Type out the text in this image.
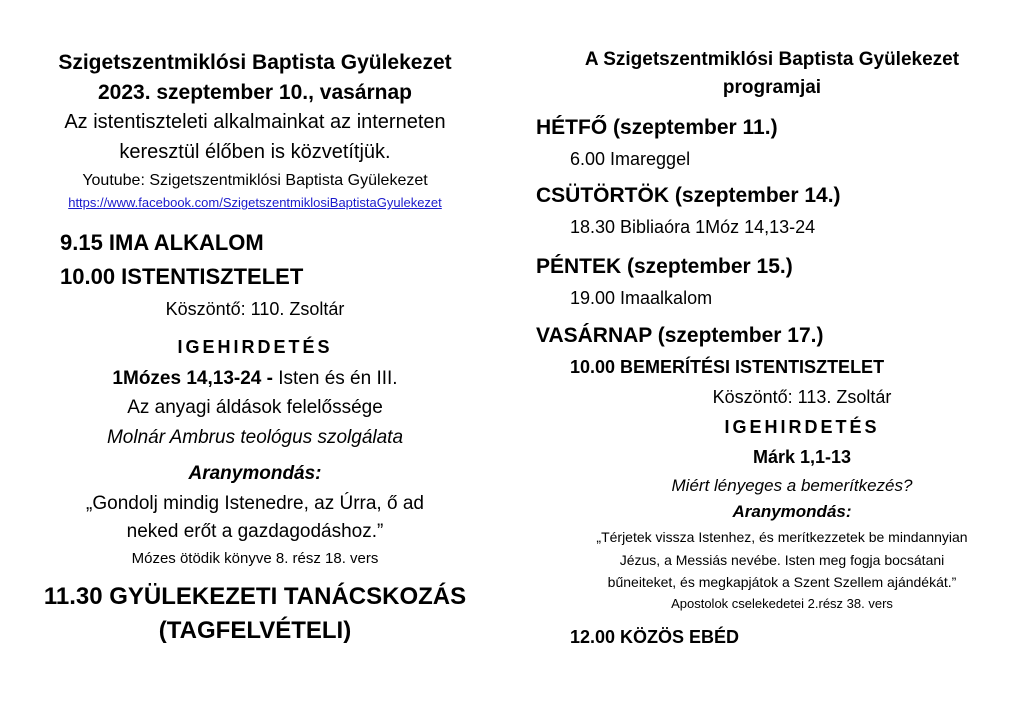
Szigetszentmiklósi Baptista Gyülekezet
2023. szeptember 10., vasárnap
Az istentiszteleti alkalmainkat az interneten
keresztül élőben is közvetítjük.
Youtube: Szigetszentmiklósi Baptista Gyülekezet
https://www.facebook.com/SzigetszentmiklosiBaptistaGyulekezet
9.15 IMA ALKALOM
10.00 ISTENTISZTELET
Köszöntő: 110. Zsoltár
IGEHIRDETÉS
1Mózes 14,13-24 - Isten és én III.
Az anyagi áldások felelőssége
Molnár Ambrus teológus szolgálata
Aranymondás:
„Gondolj mindig Istenedre, az Úrra, ő ad
neked erőt a gazdagodáshoz.”
Mózes ötödik könyve 8. rész 18. vers
11.30 GYÜLEKEZETI TANÁCSKOZÁS
(TAGFELVÉTELI)
A Szigetszentmiklósi Baptista Gyülekezet
programjai
HÉTFŐ (szeptember 11.)
6.00 Imareggel
CSÜTÖRTÖK (szeptember 14.)
18.30 Bibliaóra 1Móz 14,13-24
PÉNTEK (szeptember 15.)
19.00 Imaalkalom
VASÁRNAP (szeptember 17.)
10.00 BEMERÍTÉSI ISTENTISZTELET
Köszöntő: 113. Zsoltár
IGEHIRDETÉS
Márk 1,1-13
Miért lényeges a bemerítkezés?
Aranymondás:
„Térjetek vissza Istenhez, és merítkezzetek be mindannyian
Jézus, a Messiás nevébe. Isten meg fogja bocsátani
bűneiteket, és megkapjátok a Szent Szellem ajándékát.”
Apostolok cselekedetei 2.rész 38. vers
12.00 KÖZÖS EBÉD
